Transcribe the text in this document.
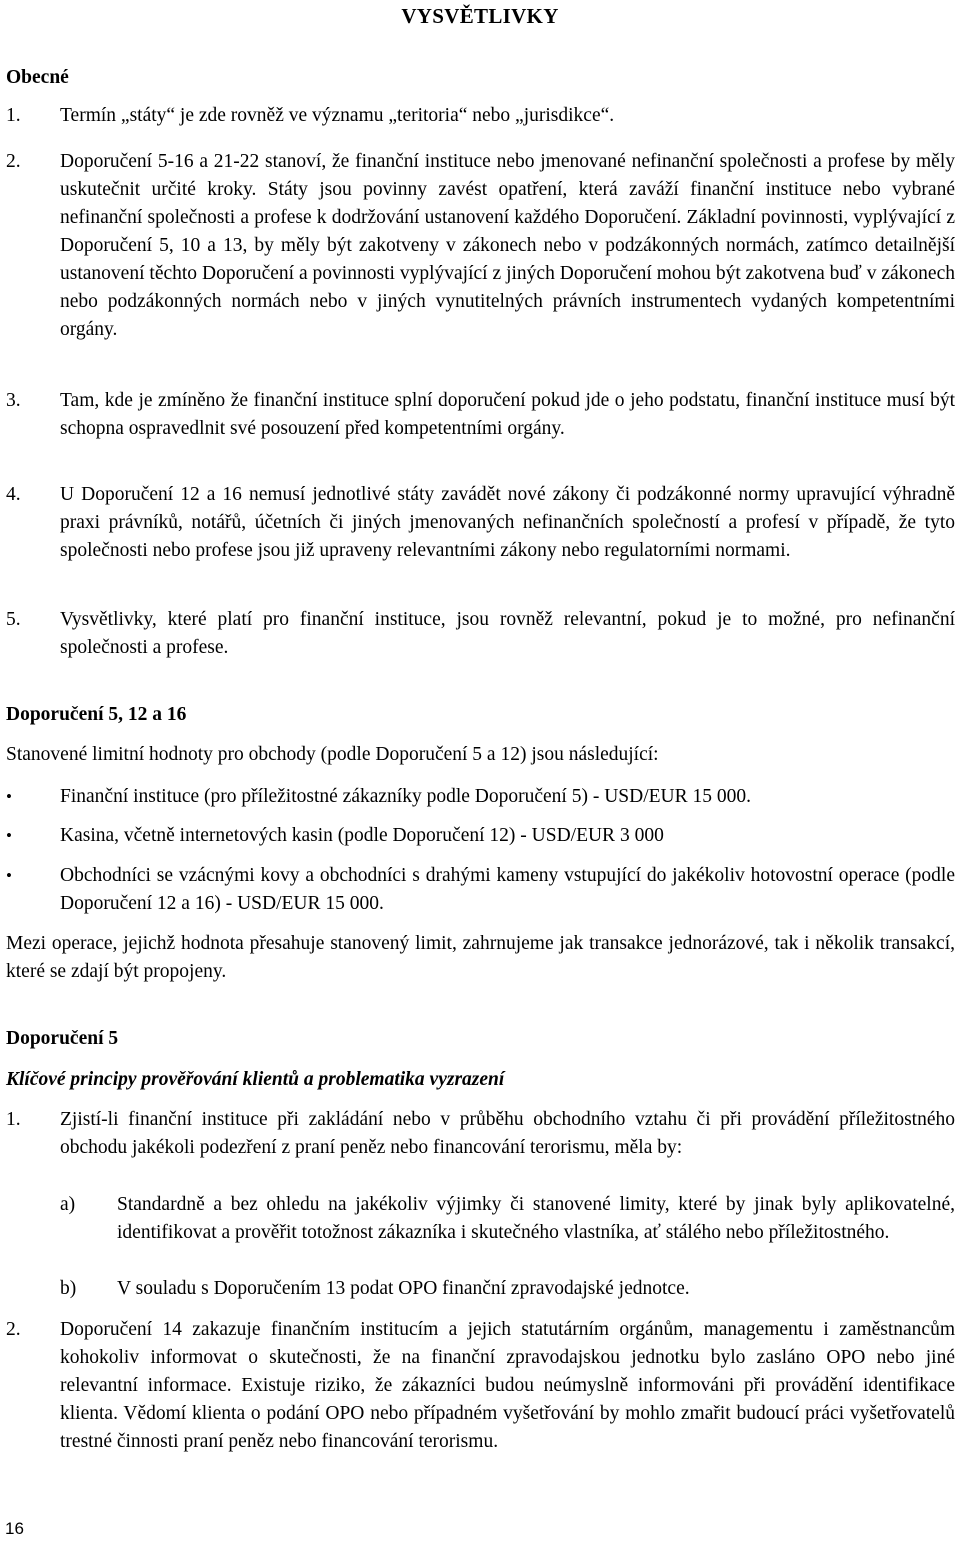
VYSVĚTLIVKY
Obecné
1.	Termín „státy“ je zde rovněž ve významu „teritoria“ nebo „jurisdikce“.
2.	Doporučení 5-16 a 21-22 stanoví, že finanční instituce nebo jmenované nefinanční společnosti a profese by měly uskutečnit určité kroky. Státy jsou povinny zavést opatření, která zaváží finanční instituce nebo vybrané nefinanční společnosti a profese k dodržování ustanovení každého Doporučení. Základní povinnosti, vyplývající z Doporučení 5, 10 a 13, by měly být zakotveny v zákonech nebo v podzákonných normách, zatímco detailnější ustanovení těchto Doporučení a povinnosti vyplývající z jiných Doporučení mohou být zakotvena buď v zákonech nebo podzákonných normách nebo v jiných vynutitelných právních instrumentech vydaných kompetentními orgány.
3.	Tam, kde je zmíněno že finanční instituce splní doporučení pokud jde o jeho podstatu, finanční instituce musí být schopna ospravedlnit své posouzení před kompetentními orgány.
4.	U Doporučení 12 a 16 nemusí jednotlivé státy zavádět nové zákony či podzákonné normy upravující výhradně praxi právníků, notářů, účetních či jiných jmenovaných nefinančních společností a profesí v případě, že tyto společnosti nebo profese jsou již upraveny relevantními zákony nebo regulatorními normami.
5.	Vysvětlivky, které platí pro finanční instituce, jsou rovněž relevantní, pokud je to možné, pro nefinanční společnosti a profese.
Doporučení 5, 12 a 16
Stanovené limitní hodnoty pro obchody (podle Doporučení 5 a 12) jsou následující:
•	Finanční instituce (pro příležitostné zákazníky podle Doporučení 5) - USD/EUR 15 000.
•	Kasina, včetně internetových kasin (podle Doporučení 12) - USD/EUR 3 000
•	Obchodníci se vzácnými kovy a obchodníci s drahými kameny vstupující do jakékoliv hotovostní operace (podle Doporučení 12 a 16) - USD/EUR 15 000.
Mezi operace, jejichž hodnota přesahuje stanovený limit, zahrnujeme jak transakce jednorázové, tak i několik transakcí, které se zdají být propojeny.
Doporučení 5
Klíčové principy prověřování klientů a problematika vyzrazení
1.	Zjistí-li finanční instituce při zakládání nebo v průběhu obchodního vztahu či při provádění příležitostného obchodu jakékoli podezření z praní peněz nebo financování terorismu, měla by:
a)	Standardně a bez ohledu na jakékoliv výjimky či stanovené limity, které by jinak byly aplikovatelné, identifikovat a prověřit totožnost zákazníka i skutečného vlastníka, ať stálého nebo příležitostného.
b)	V souladu s Doporučením 13 podat OPO finanční zpravodajské jednotce.
2.	Doporučení 14 zakazuje finančním institucím a jejich statutárním orgánům, managementu i zaměstnancům kohokoliv informovat o skutečnosti, že na finanční zpravodajskou jednotku bylo zasláno OPO nebo jiné relevantní informace. Existuje riziko, že zákazníci budou neúmyslně informováni při provádění identifikace klienta. Vědomí klienta o podání OPO nebo případném vyšetřování by mohlo zmařit budoucí práci vyšetřovatelů trestné činnosti praní peněz nebo financování terorismu.
16
